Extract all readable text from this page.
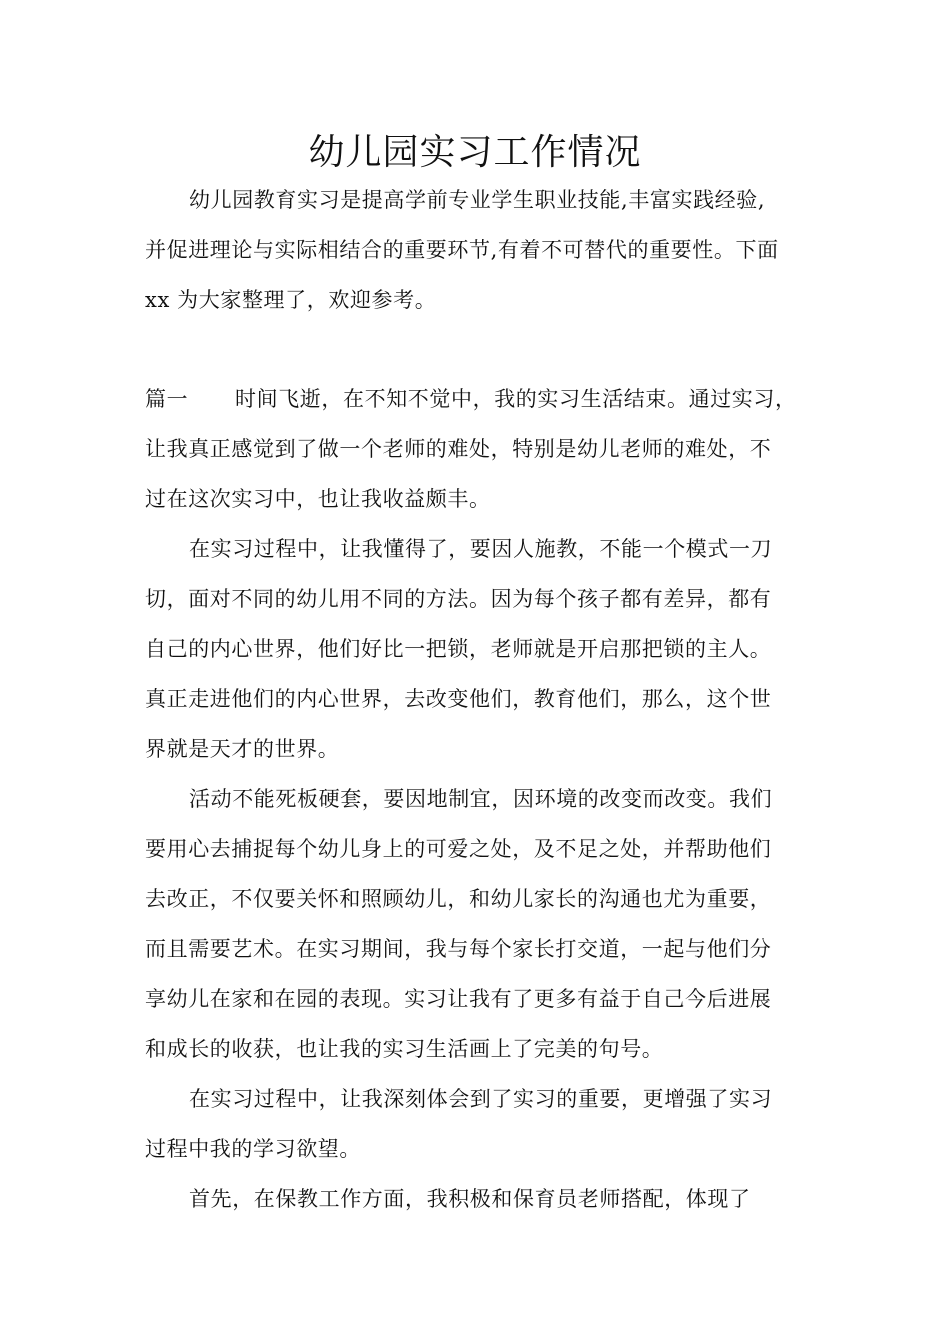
幼儿园实习工作情况
幼儿园教育实习是提高学前专业学生职业技能,丰富实践经验,
并促进理论与实际相结合的重要环节,有着不可替代的重要性。下面
xx 为大家整理了，欢迎参考。
篇一 时间飞逝，在不知不觉中，我的实习生活结束。通过实习，
让我真正感觉到了做一个老师的难处，特别是幼儿老师的难处，不
过在这次实习中，也让我收益颇丰。
在实习过程中，让我懂得了，要因人施教，不能一个模式一刀
切，面对不同的幼儿用不同的方法。因为每个孩子都有差异，都有
自己的内心世界，他们好比一把锁，老师就是开启那把锁的主人。
真正走进他们的内心世界，去改变他们，教育他们，那么，这个世
界就是天才的世界。
活动不能死板硬套，要因地制宜，因环境的改变而改变。我们
要用心去捕捉每个幼儿身上的可爱之处，及不足之处，并帮助他们
去改正，不仅要关怀和照顾幼儿，和幼儿家长的沟通也尤为重要，
而且需要艺术。在实习期间，我与每个家长打交道，一起与他们分
享幼儿在家和在园的表现。实习让我有了更多有益于自己今后进展
和成长的收获，也让我的实习生活画上了完美的句号。
在实习过程中，让我深刻体会到了实习的重要，更增强了实习
过程中我的学习欲望。
首先，在保教工作方面，我积极和保育员老师搭配，体现了
